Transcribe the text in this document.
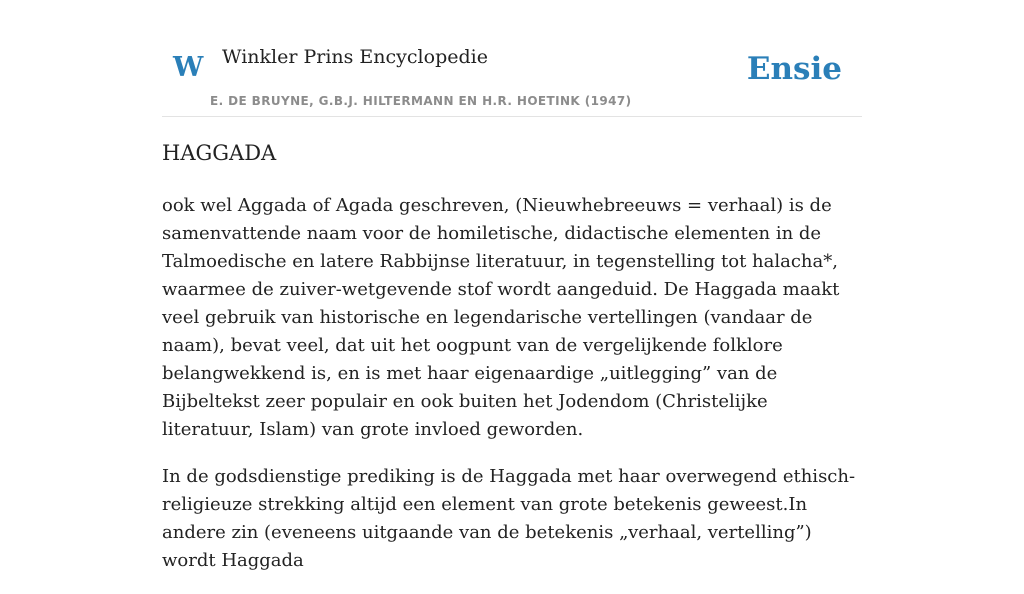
W Winkler Prins Encyclopedie
E. DE BRUYNE, G.B.J. HILTERMANN EN H.R. HOETINK (1947)
Ensie
HAGGADA

ook wel Aggada of Agada geschreven, (Nieuwhebreeuws = verhaal) is de samenvattende naam voor de homiletische, didactische elementen in de Talmoedische en latere Rabbijnse literatuur, in tegenstelling tot halacha*, waarmee de zuiver-wetgevende stof wordt aangeduid. De Haggada maakt veel gebruik van historische en legendarische vertellingen (vandaar de naam), bevat veel, dat uit het oogpunt van de vergelijkende folklore belangwekkend is, en is met haar eigenaardige „uitlegging” van de Bijbeltekst zeer populair en ook buiten het Jodendom (Christelijke literatuur, Islam) van grote invloed geworden.

In de godsdienstige prediking is de Haggada met haar overwegend ethisch-religieuze strekking altijd een element van grote betekenis geweest.In andere zin (eveneens uitgaande van de betekenis „verhaal, vertelling”) wordt Haggada
